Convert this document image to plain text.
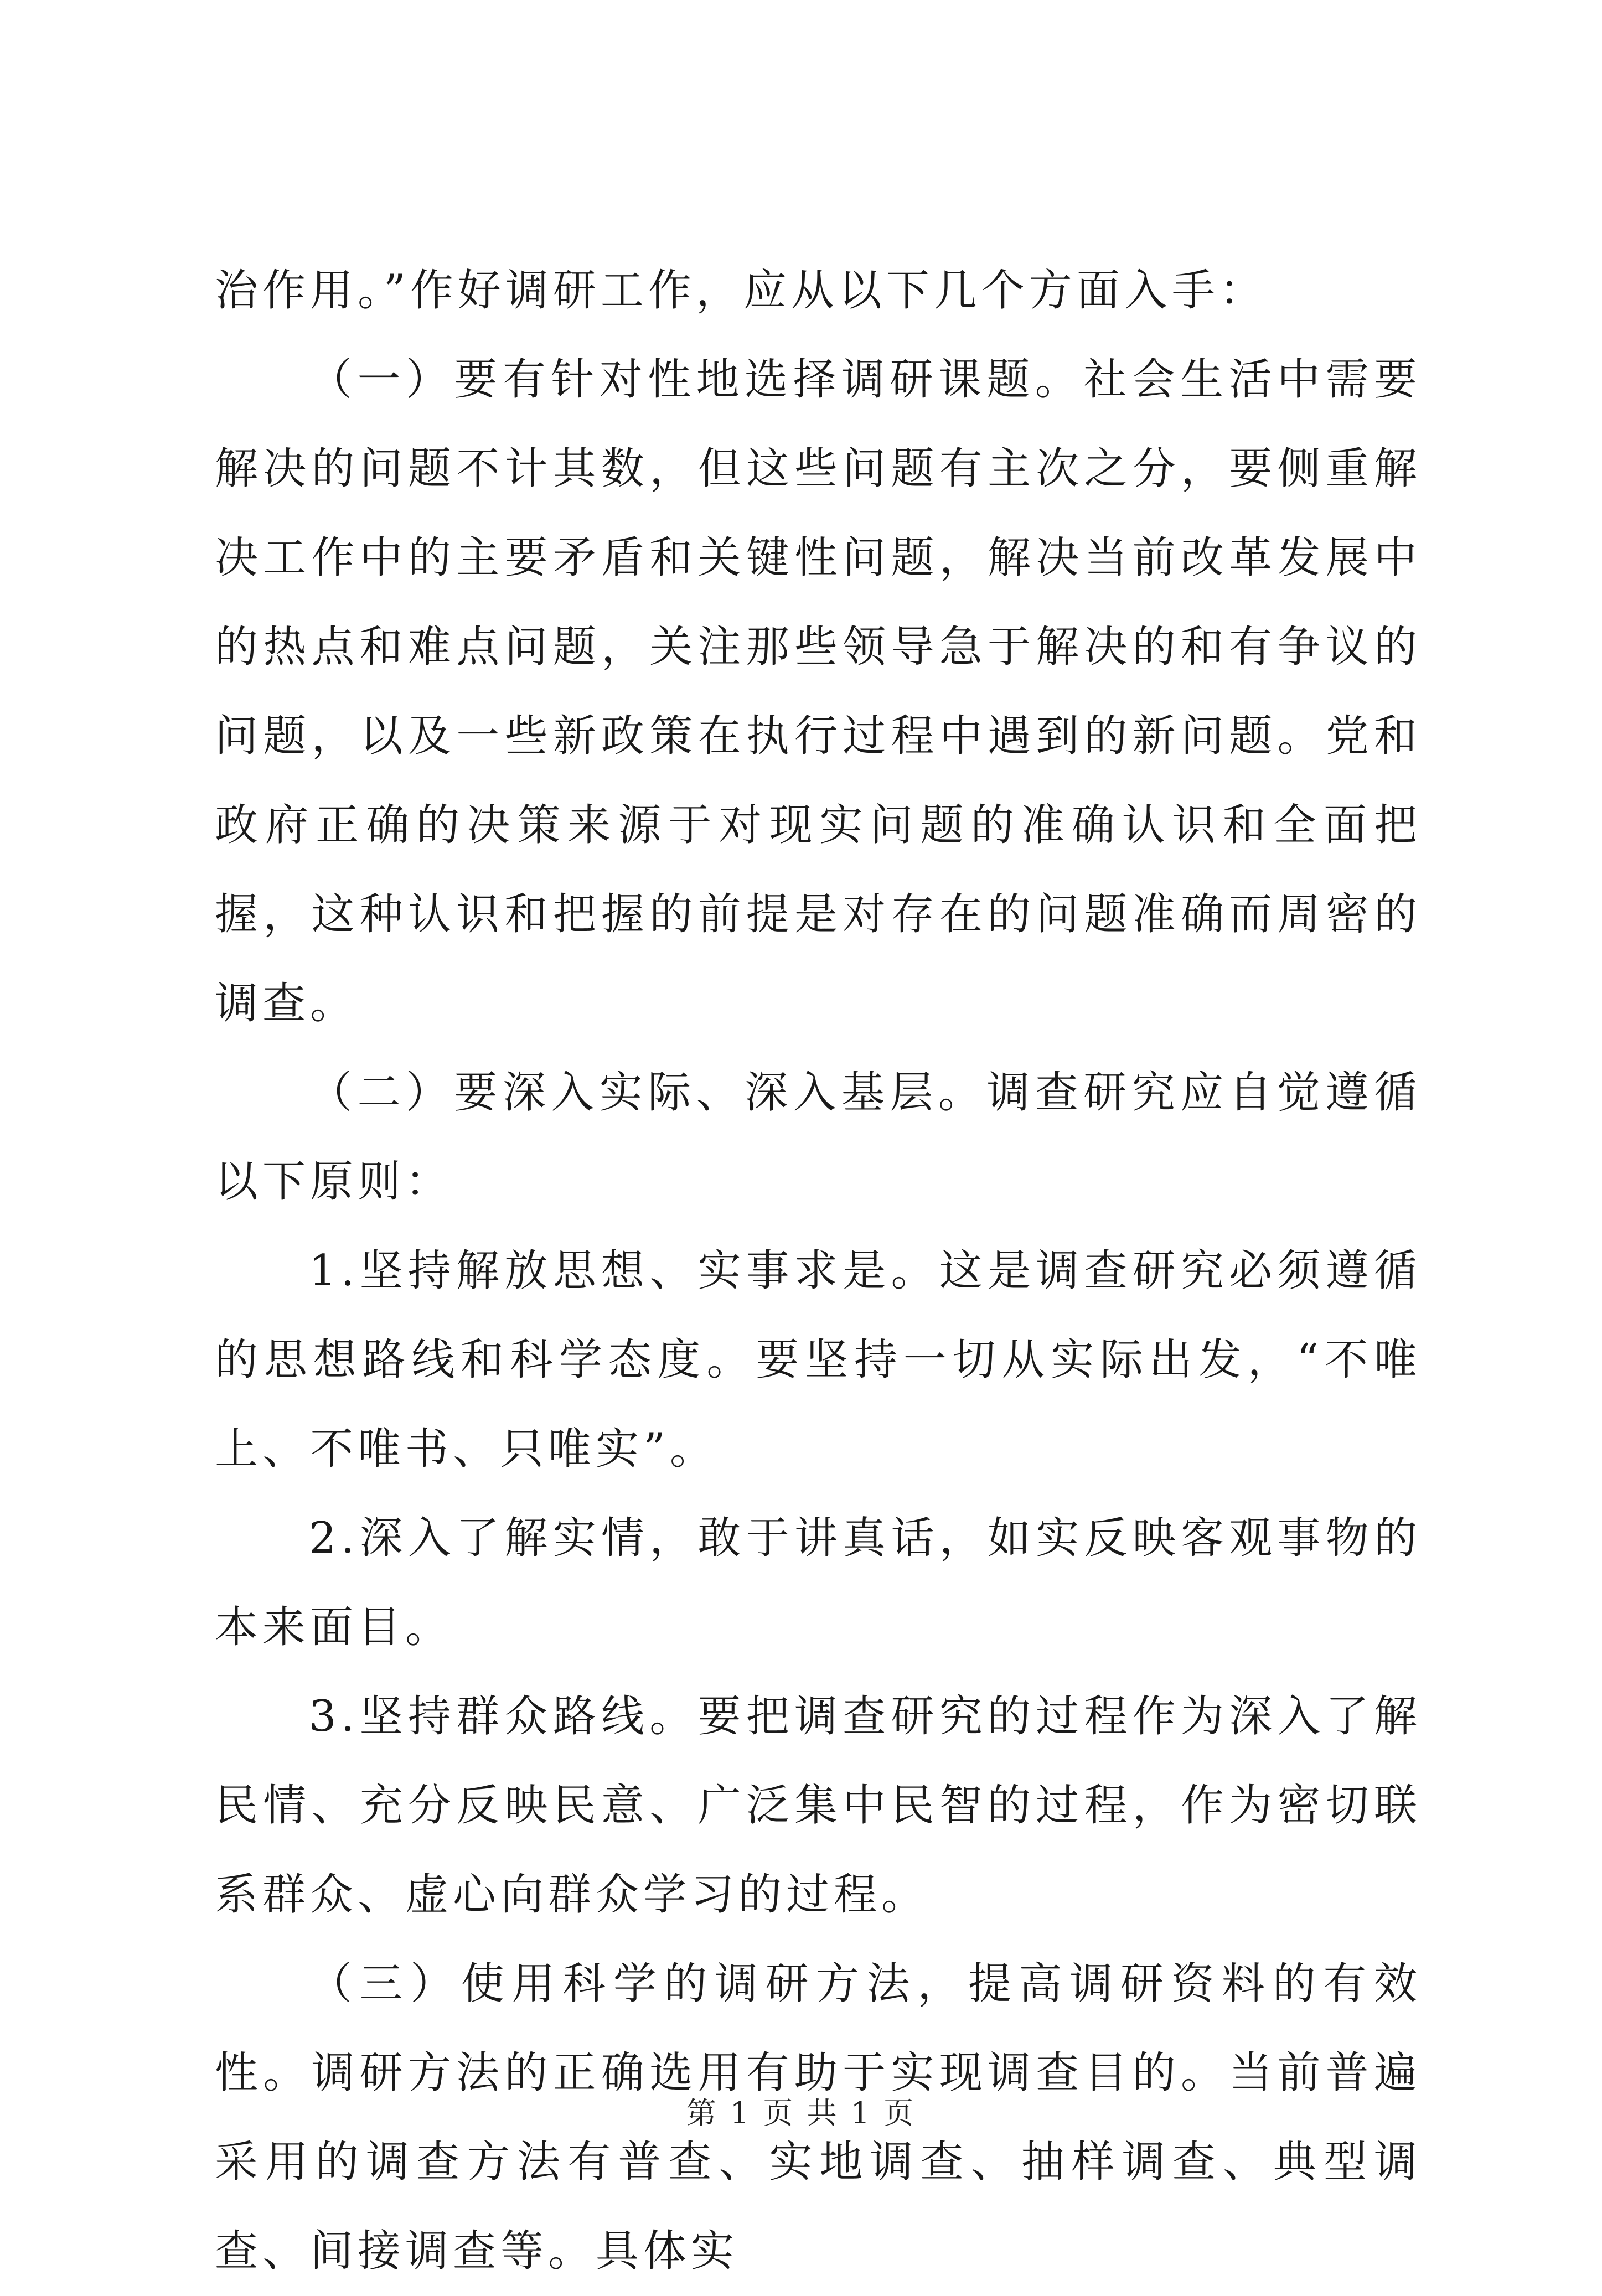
治作用。”作好调研工作，应从以下几个方面入手：

（一）要有针对性地选择调研课题。社会生活中需要解决的问题不计其数，但这些问题有主次之分，要侧重解决工作中的主要矛盾和关键性问题，解决当前改革发展中的热点和难点问题，关注那些领导急于解决的和有争议的问题，以及一些新政策在执行过程中遇到的新问题。党和政府正确的决策来源于对现实问题的准确认识和全面把握，这种认识和把握的前提是对存在的问题准确而周密的调查。

（二）要深入实际、深入基层。调查研究应自觉遵循以下原则：

1.坚持解放思想、实事求是。这是调查研究必须遵循的思想路线和科学态度。要坚持一切从实际出发，“不唯上、不唯书、只唯实”。

2.深入了解实情，敢于讲真话，如实反映客观事物的本来面目。

3.坚持群众路线。要把调查研究的过程作为深入了解民情、充分反映民意、广泛集中民智的过程，作为密切联系群众、虚心向群众学习的过程。

（三）使用科学的调研方法，提高调研资料的有效性。调研方法的正确选用有助于实现调查目的。当前普遍采用的调查方法有普查、实地调查、抽样调查、典型调查、间接调查等。具体实

第 1 页 共 1 页
